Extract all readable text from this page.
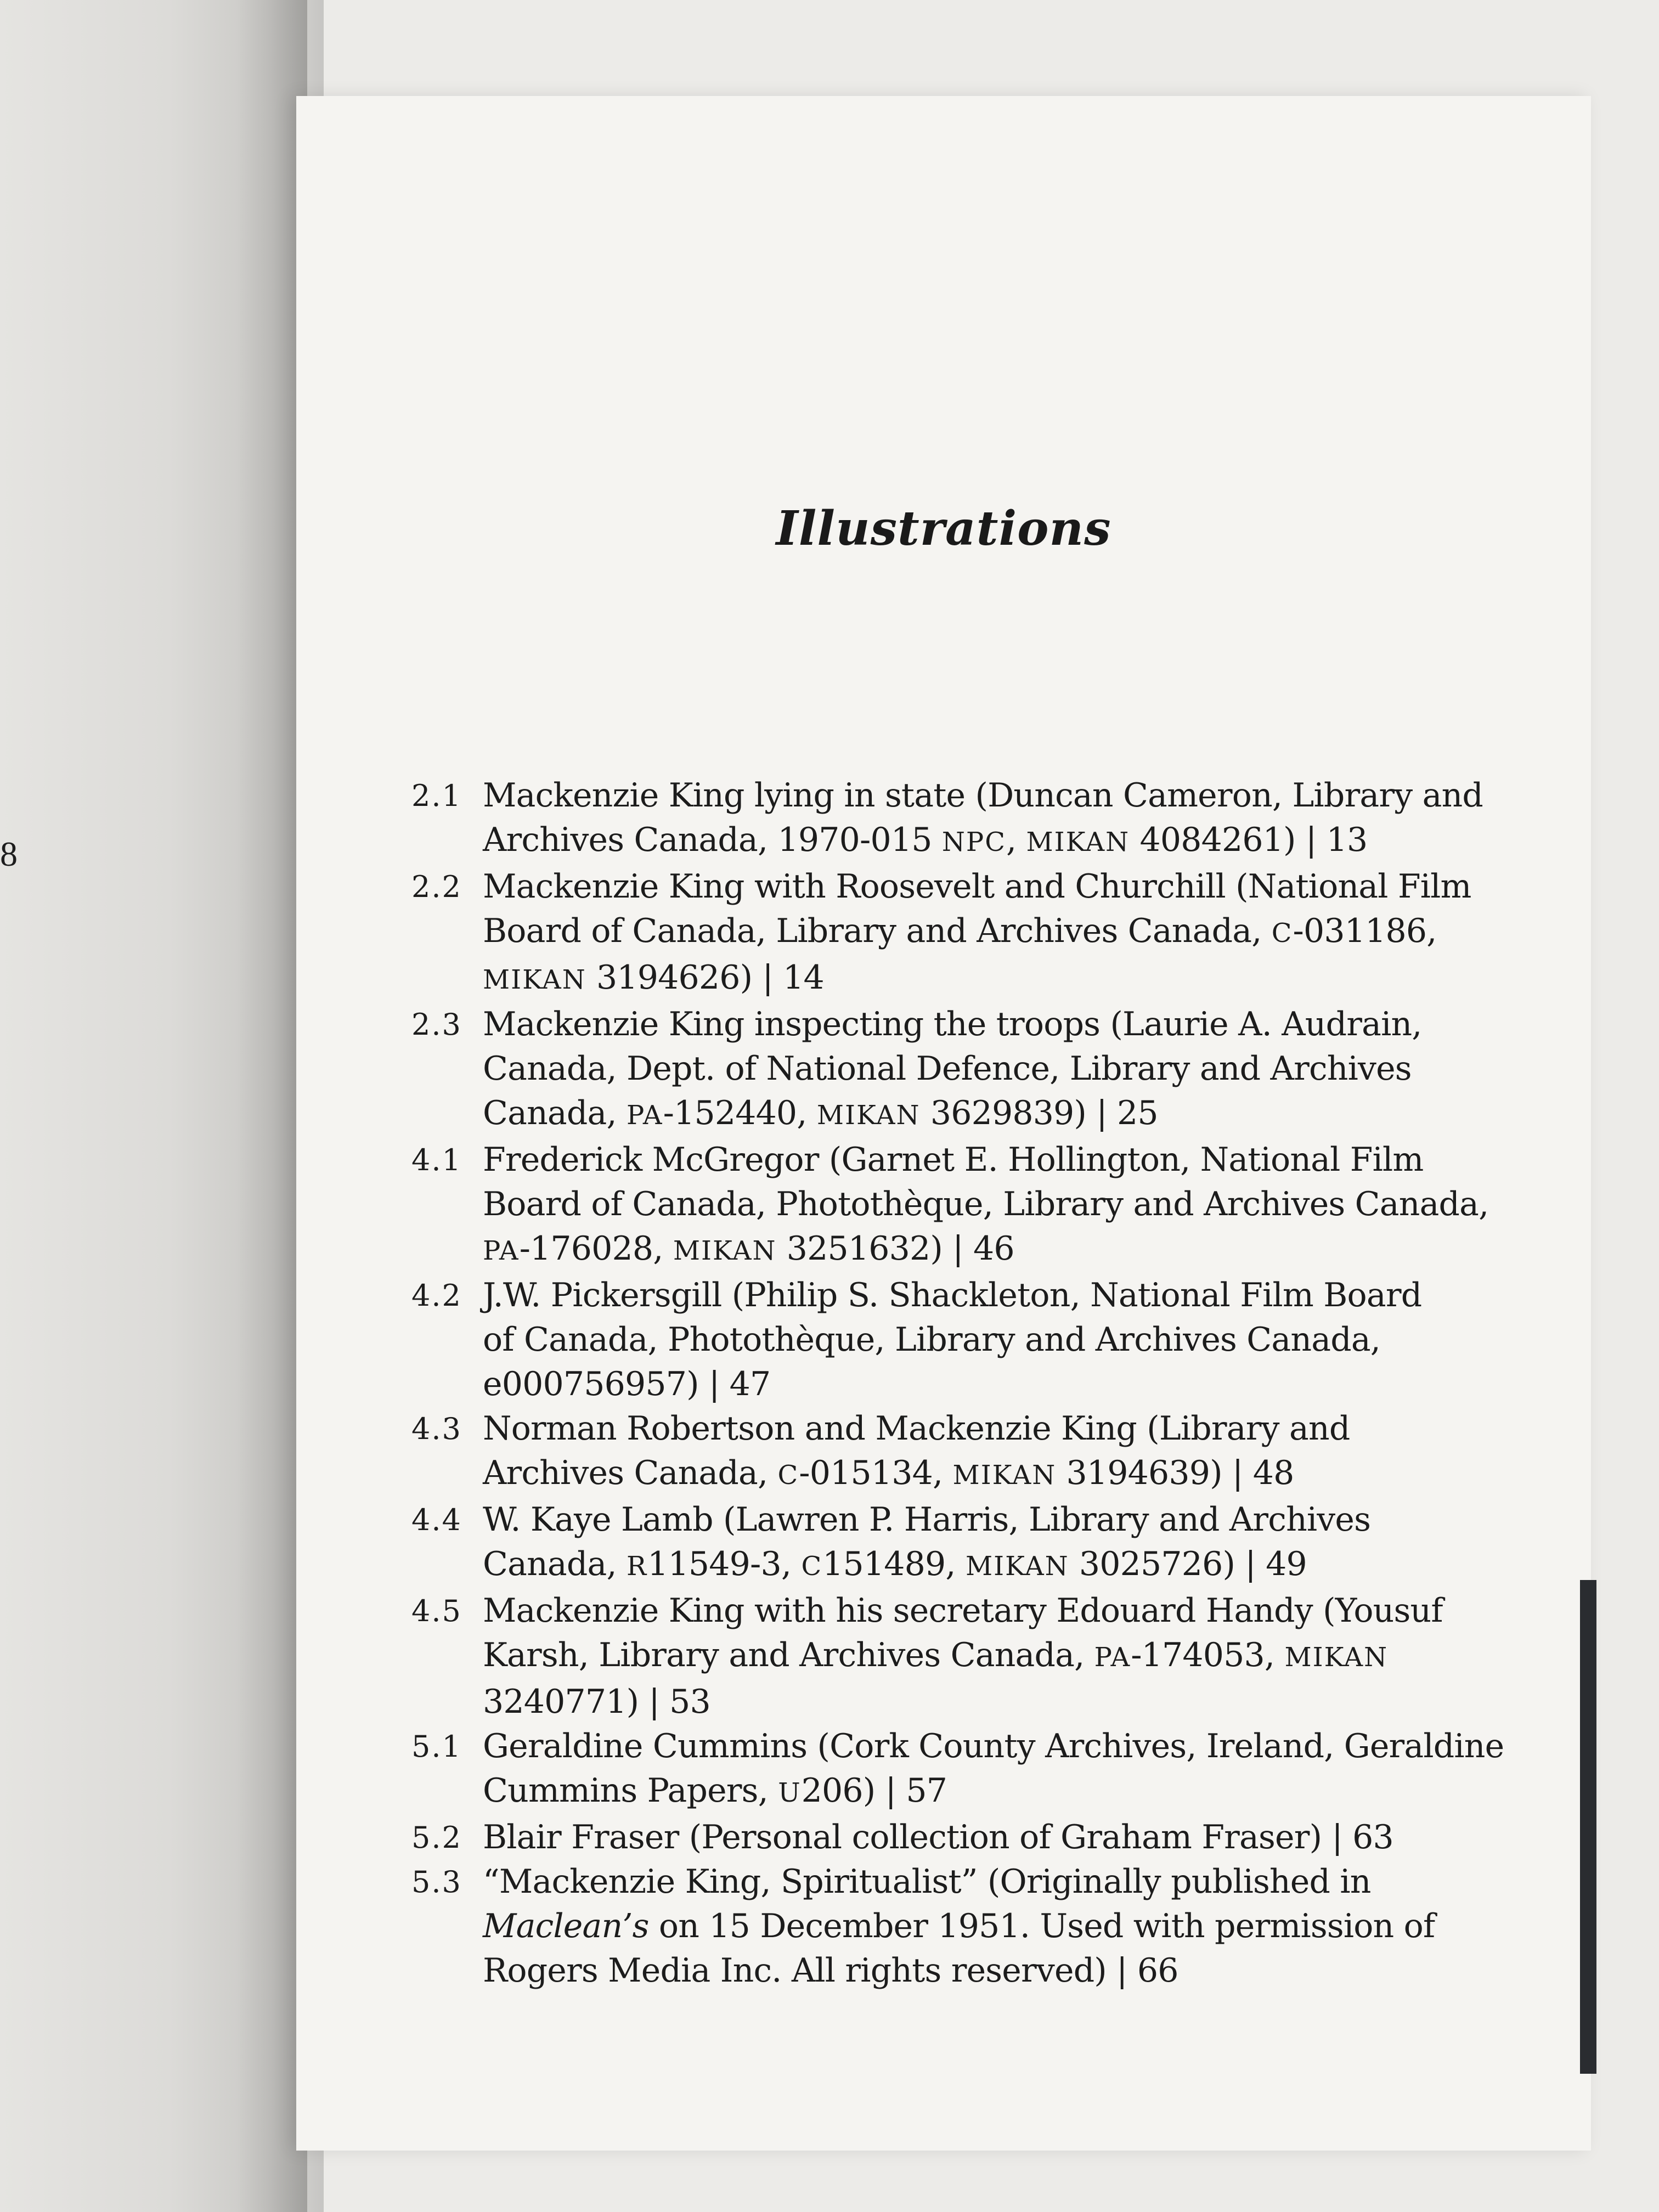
8
Illustrations
2.1 Mackenzie King lying in state (Duncan Cameron, Library and
Archives Canada, 1970-015 NPC, MIKAN 4084261) | 13
2.2 Mackenzie King with Roosevelt and Churchill (National Film
Board of Canada, Library and Archives Canada, C-031186,
MIKAN 3194626) | 14
2.3 Mackenzie King inspecting the troops (Laurie A. Audrain,
Canada, Dept. of National Defence, Library and Archives
Canada, PA-152440, MIKAN 3629839) | 25
4.1 Frederick McGregor (Garnet E. Hollington, National Film
Board of Canada, Photothèque, Library and Archives Canada,
PA-176028, MIKAN 3251632) | 46
4.2 J.W. Pickersgill (Philip S. Shackleton, National Film Board
of Canada, Photothèque, Library and Archives Canada,
e000756957) | 47
4.3 Norman Robertson and Mackenzie King (Library and
Archives Canada, C-015134, MIKAN 3194639) | 48
4.4 W. Kaye Lamb (Lawren P. Harris, Library and Archives
Canada, R11549-3, C151489, MIKAN 3025726) | 49
4.5 Mackenzie King with his secretary Edouard Handy (Yousuf
Karsh, Library and Archives Canada, PA-174053, MIKAN
3240771) | 53
5.1 Geraldine Cummins (Cork County Archives, Ireland, Geraldine
Cummins Papers, U206) | 57
5.2 Blair Fraser (Personal collection of Graham Fraser) | 63
5.3 “Mackenzie King, Spiritualist” (Originally published in
Maclean’s on 15 December 1951. Used with permission of
Rogers Media Inc. All rights reserved) | 66
